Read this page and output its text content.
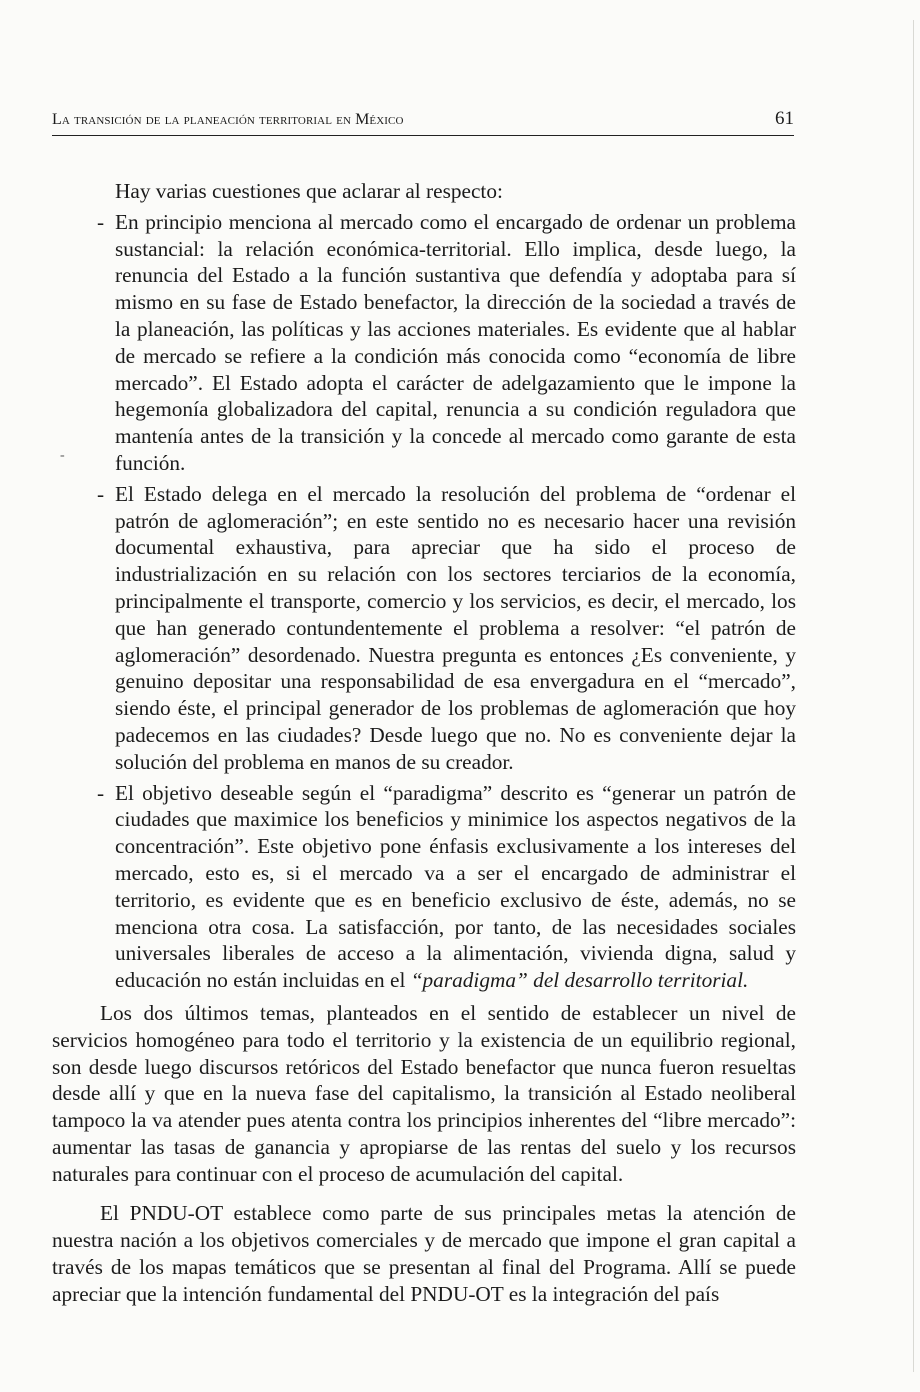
La transición de la planeación territorial en México	61
-

Hay varias cuestiones que aclarar al respecto:

- En principio menciona al mercado como el encargado de ordenar un problema sustancial: la relación económica-territorial. Ello implica, desde luego, la renuncia del Estado a la función sustantiva que defendía y adoptaba para sí mismo en su fase de Estado benefactor, la dirección de la sociedad a través de la planeación, las políticas y las acciones materiales. Es evidente que al hablar de mercado se refiere a la condición más conocida como “economía de libre mercado”. El Estado adopta el carácter de adelgazamiento que le impone la hegemonía globalizadora del capital, renuncia a su condición reguladora que mantenía antes de la transición y la concede al mercado como garante de esta función.

- El Estado delega en el mercado la resolución del problema de “ordenar el patrón de aglomeración”; en este sentido no es necesario hacer una revisión documental exhaustiva, para apreciar que ha sido el proceso de industrialización en su relación con los sectores terciarios de la economía, principalmente el transporte, comercio y los servicios, es decir, el mercado, los que han generado contundentemente el problema a resolver: “el patrón de aglomeración” desordenado. Nuestra pregunta es entonces ¿Es conveniente, y genuino depositar una responsabilidad de esa envergadura en el “mercado”, siendo éste, el principal generador de los problemas de aglomeración que hoy padecemos en las ciudades? Desde luego que no. No es conveniente dejar la solución del problema en manos de su creador.

- El objetivo deseable según el “paradigma” descrito es “generar un patrón de ciudades que maximice los beneficios y minimice los aspectos negativos de la concentración”. Este objetivo pone énfasis exclusivamente a los intereses del mercado, esto es, si el mercado va a ser el encargado de administrar el territorio, es evidente que es en beneficio exclusivo de éste, además, no se menciona otra cosa. La satisfacción, por tanto, de las necesidades sociales universales liberales de acceso a la alimentación, vivienda digna, salud y educación no están incluidas en el “paradigma” del desarrollo territorial.

Los dos últimos temas, planteados en el sentido de establecer un nivel de servicios homogéneo para todo el territorio y la existencia de un equilibrio regional, son desde luego discursos retóricos del Estado benefactor que nunca fueron resueltas desde allí y que en la nueva fase del capitalismo, la transición al Estado neoliberal tampoco la va atender pues atenta contra los principios inherentes del “libre mercado”: aumentar las tasas de ganancia y apropiarse de las rentas del suelo y los recursos naturales para continuar con el proceso de acumulación del capital.

El PNDU-OT establece como parte de sus principales metas la atención de nuestra nación a los objetivos comerciales y de mercado que impone el gran capital a través de los mapas temáticos que se presentan al final del Programa. Allí se puede apreciar que la intención fundamental del PNDU-OT es la integración del país
